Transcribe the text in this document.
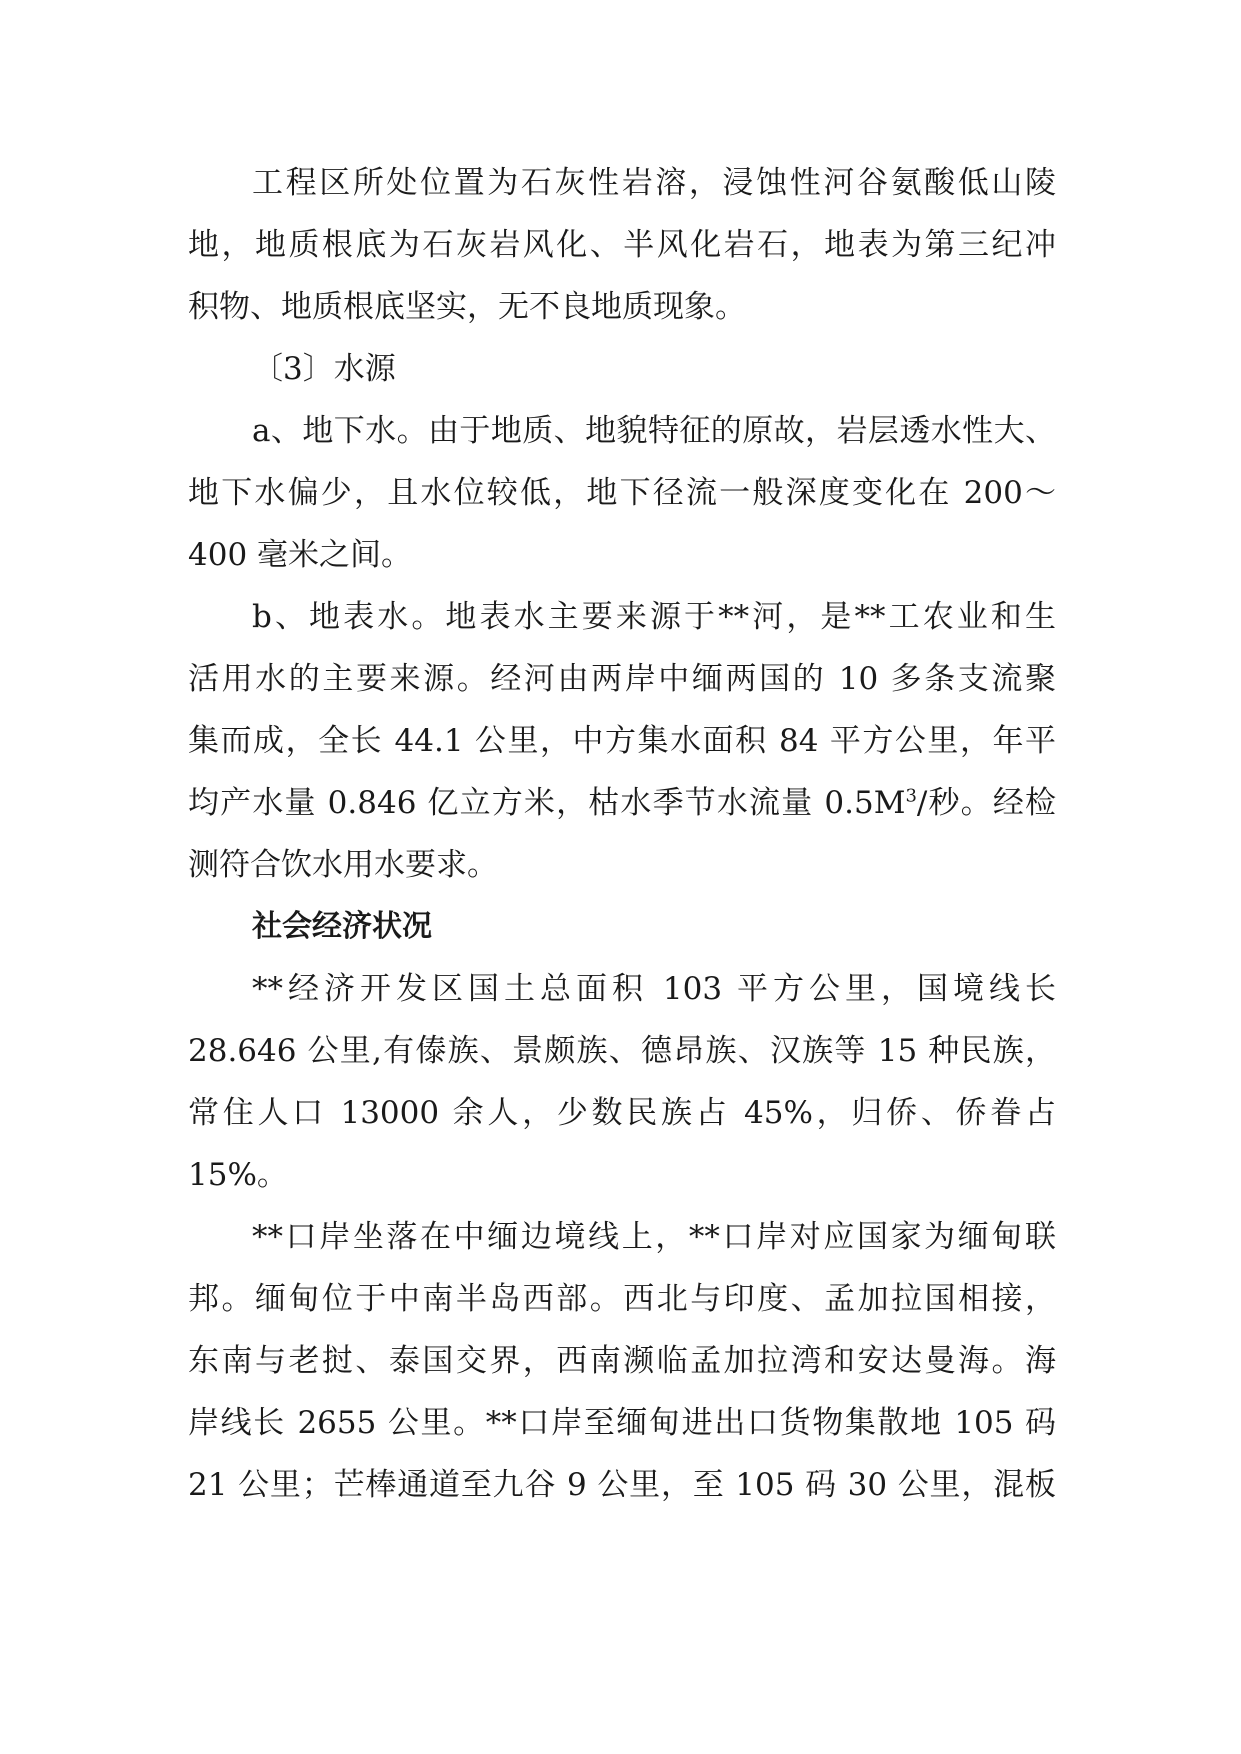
工程区所处位置为石灰性岩溶，浸蚀性河谷氨酸低山陵
地，地质根底为石灰岩风化、半风化岩石，地表为第三纪冲
积物、地质根底坚实，无不良地质现象。
〔3〕水源
a、地下水。由于地质、地貌特征的原故，岩层透水性大、
地下水偏少，且水位较低，地下径流一般深度变化在 200～
400 毫米之间。
b、地表水。地表水主要来源于**河，是**工农业和生
活用水的主要来源。经河由两岸中缅两国的 10 多条支流聚
集而成，全长 44.1 公里，中方集水面积 84 平方公里，年平
均产水量 0.846 亿立方米，枯水季节水流量 $0.5M^3/$秒。经检
测符合饮水用水要求。
社会经济状况
**经济开发区国土总面积 103 平方公里，国境线长
28.646 公里,有傣族、景颇族、德昂族、汉族等 15 种民族，
常住人口 13000 余人，少数民族占 45%，归侨、侨眷占
15%。
**口岸坐落在中缅边境线上，**口岸对应国家为缅甸联
邦。缅甸位于中南半岛西部。西北与印度、孟加拉国相接，
东南与老挝、泰国交界，西南濒临孟加拉湾和安达曼海。海
岸线长 2655 公里。**口岸至缅甸进出口货物集散地 105 码
21 公里；芒棒通道至九谷 9 公里，至 105 码 30 公里，混板
